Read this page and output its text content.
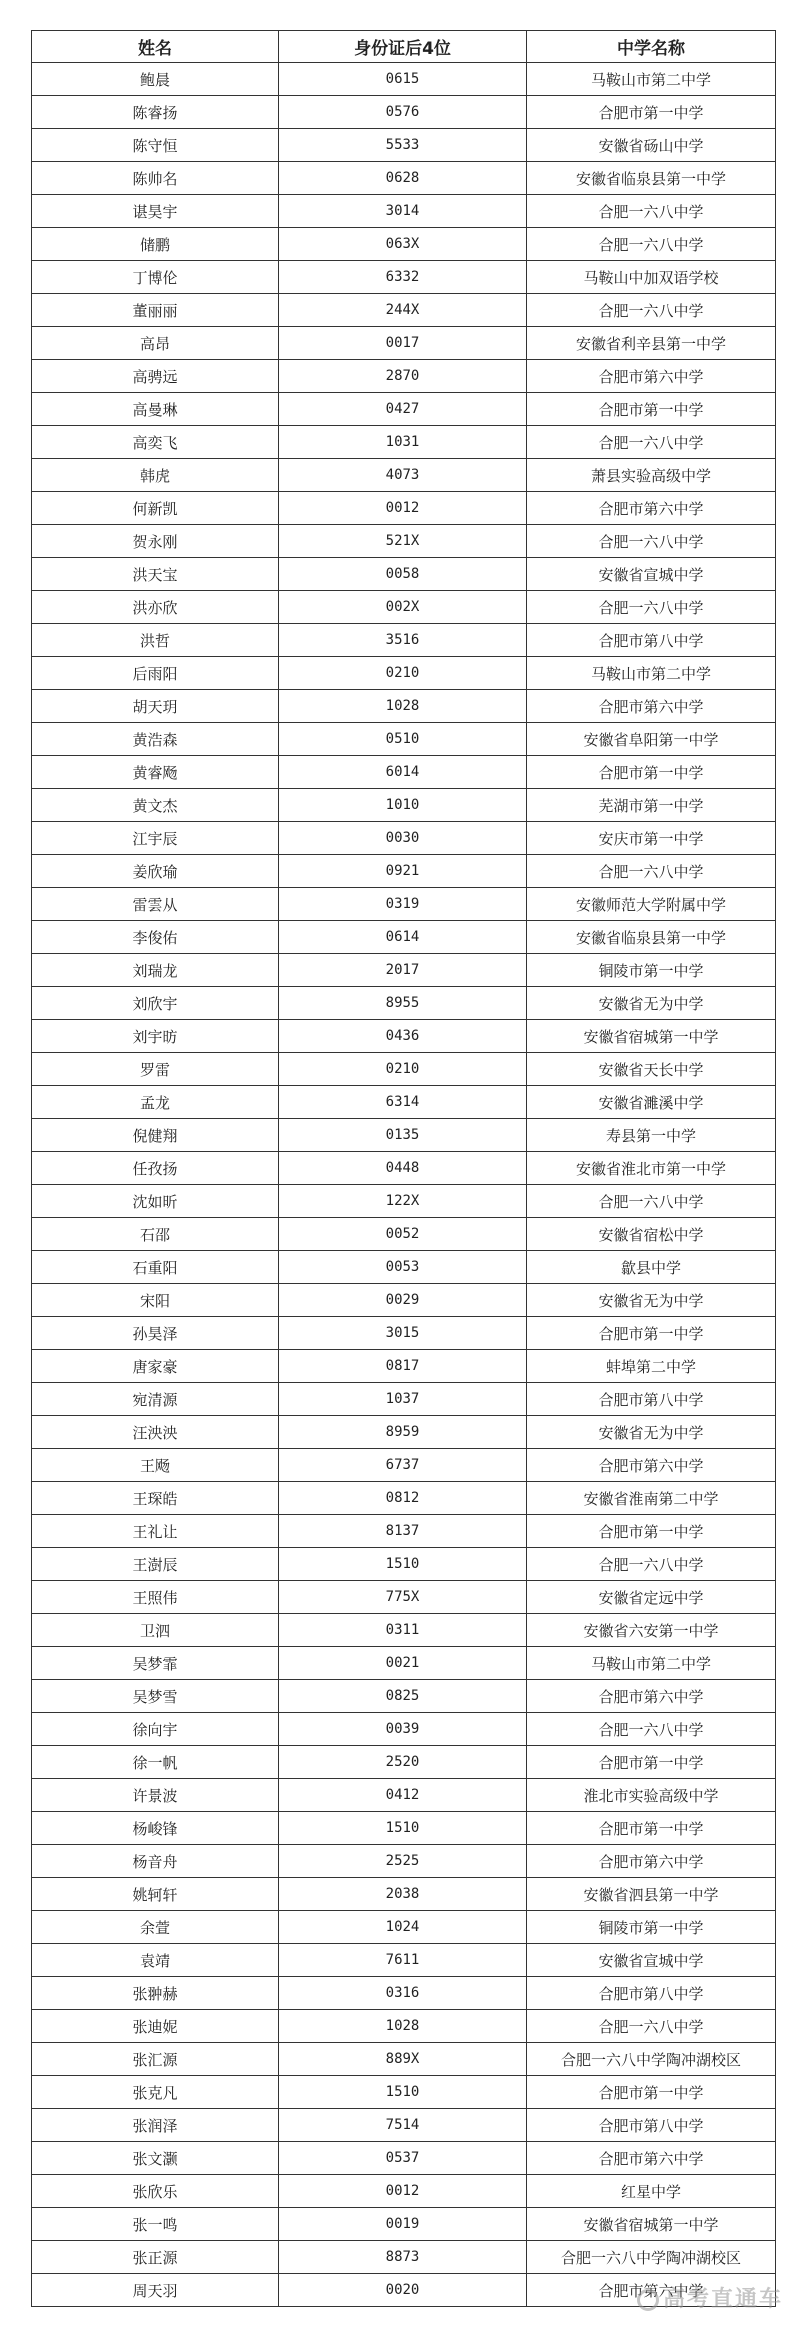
姓名	身份证后4位	中学名称
鲍晨	0615	马鞍山市第二中学
陈睿扬	0576	合肥市第一中学
陈守恒	5533	安徽省砀山中学
陈帅名	0628	安徽省临泉县第一中学
谌昊宇	3014	合肥一六八中学
储鹏	063X	合肥一六八中学
丁博伦	6332	马鞍山中加双语学校
董丽丽	244X	合肥一六八中学
高昂	0017	安徽省利辛县第一中学
高骋远	2870	合肥市第六中学
高曼琳	0427	合肥市第一中学
高奕飞	1031	合肥一六八中学
韩虎	4073	萧县实验高级中学
何新凯	0012	合肥市第六中学
贺永刚	521X	合肥一六八中学
洪天宝	0058	安徽省宣城中学
洪亦欣	002X	合肥一六八中学
洪哲	3516	合肥市第八中学
后雨阳	0210	马鞍山市第二中学
胡天玥	1028	合肥市第六中学
黄浩森	0510	安徽省阜阳第一中学
黄睿飏	6014	合肥市第一中学
黄文杰	1010	芜湖市第一中学
江宇辰	0030	安庆市第一中学
姜欣瑜	0921	合肥一六八中学
雷雲从	0319	安徽师范大学附属中学
李俊佑	0614	安徽省临泉县第一中学
刘瑞龙	2017	铜陵市第一中学
刘欣宇	8955	安徽省无为中学
刘宇昉	0436	安徽省宿城第一中学
罗雷	0210	安徽省天长中学
孟龙	6314	安徽省濉溪中学
倪健翔	0135	寿县第一中学
任孜扬	0448	安徽省淮北市第一中学
沈如昕	122X	合肥一六八中学
石邵	0052	安徽省宿松中学
石重阳	0053	歙县中学
宋阳	0029	安徽省无为中学
孙昊泽	3015	合肥市第一中学
唐家豪	0817	蚌埠第二中学
宛清源	1037	合肥市第八中学
汪泱泱	8959	安徽省无为中学
王飏	6737	合肥市第六中学
王琛皓	0812	安徽省淮南第二中学
王礼让	8137	合肥市第一中学
王澍辰	1510	合肥一六八中学
王照伟	775X	安徽省定远中学
卫泗	0311	安徽省六安第一中学
吴梦霏	0021	马鞍山市第二中学
吴梦雪	0825	合肥市第六中学
徐向宇	0039	合肥一六八中学
徐一帆	2520	合肥市第一中学
许景波	0412	淮北市实验高级中学
杨峻锋	1510	合肥市第一中学
杨音舟	2525	合肥市第六中学
姚轲轩	2038	安徽省泗县第一中学
余萱	1024	铜陵市第一中学
袁靖	7611	安徽省宣城中学
张翀赫	0316	合肥市第八中学
张迪妮	1028	合肥一六八中学
张汇源	889X	合肥一六八中学陶冲湖校区
张克凡	1510	合肥市第一中学
张润泽	7514	合肥市第八中学
张文灏	0537	合肥市第六中学
张欣乐	0012	红星中学
张一鸣	0019	安徽省宿城第一中学
张正源	8873	合肥一六八中学陶冲湖校区
周天羽	0020	合肥市第六中学
高考直通车
